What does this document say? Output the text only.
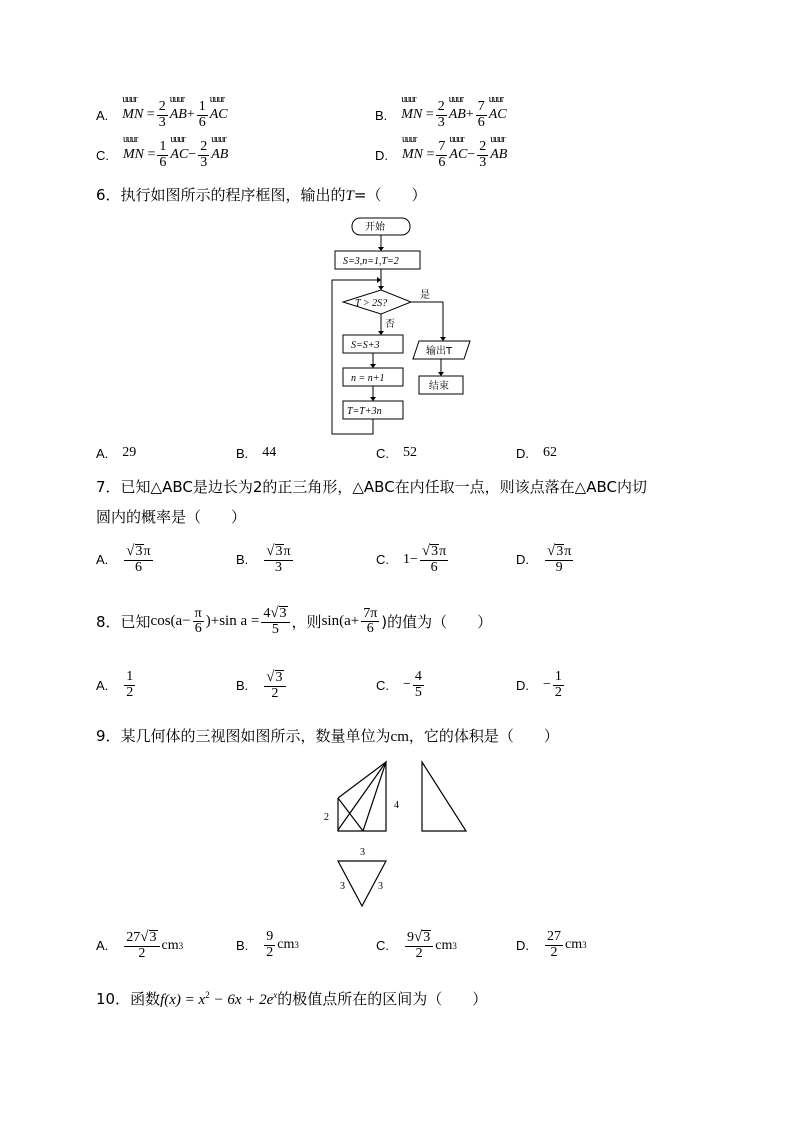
A. uuur MN = $\frac{2}{3}$ uuur AB + $\frac{1}{6}$ uuur AC	B. uuur MN = $\frac{2}{3}$ uuur AB + $\frac{7}{6}$ uuur AC
C. uuur MN = $\frac{1}{6}$ uuur AC − $\frac{2}{3}$ uuur AB	D. uuur MN = $\frac{7}{6}$ uuur AC − $\frac{2}{3}$ uuur AB
6．执行如图所示的程序框图，输出的T=（　　）
开始
S=3,n=1,T=2
T > 2S?
是
否
S=S+3
n = n+1
T=T+3n
输出T
结束
A. 29	B. 44	C. 52	D. 62
7．已知△ABC是边长为2的正三角形，△ABC在内任取一点，则该点落在△ABC内切
圆内的概率是（　　）
A. $\frac{√ 3 \pi}{6}$	B. $\frac{√ 3 \pi}{3}$	C. $1- \frac{√ 3 \pi}{6}$	D. $\frac{√ 3 \pi}{9}$
8．已知 $\cos(a- \frac{\pi}{6} )+\sin$ $a = \frac{4 √ 3}{5}$ ，则 $\sin(a+ \frac{7\pi}{6}$ )的值为（　　）
A. $\frac{1}{2}$	B. $\frac{√ 3}{2}$	C. − $\frac{4}{5}$	D. − $\frac{1}{2}$
9．某几何体的三视图如图所示，数量单位为cm，它的体积是（　　）
2
4
3
3	3
A. $\frac{27 √ 3}{2}$ cm 3	B. $\frac{9}{2}$ cm 3	C. $\frac{9 √ 3}{2}$ cm 3	D. $\frac{27}{2}$ cm 3
10．函数$f(x) = x^2 - 6x + 2e^x$的极值点所在的区间为（　　）
